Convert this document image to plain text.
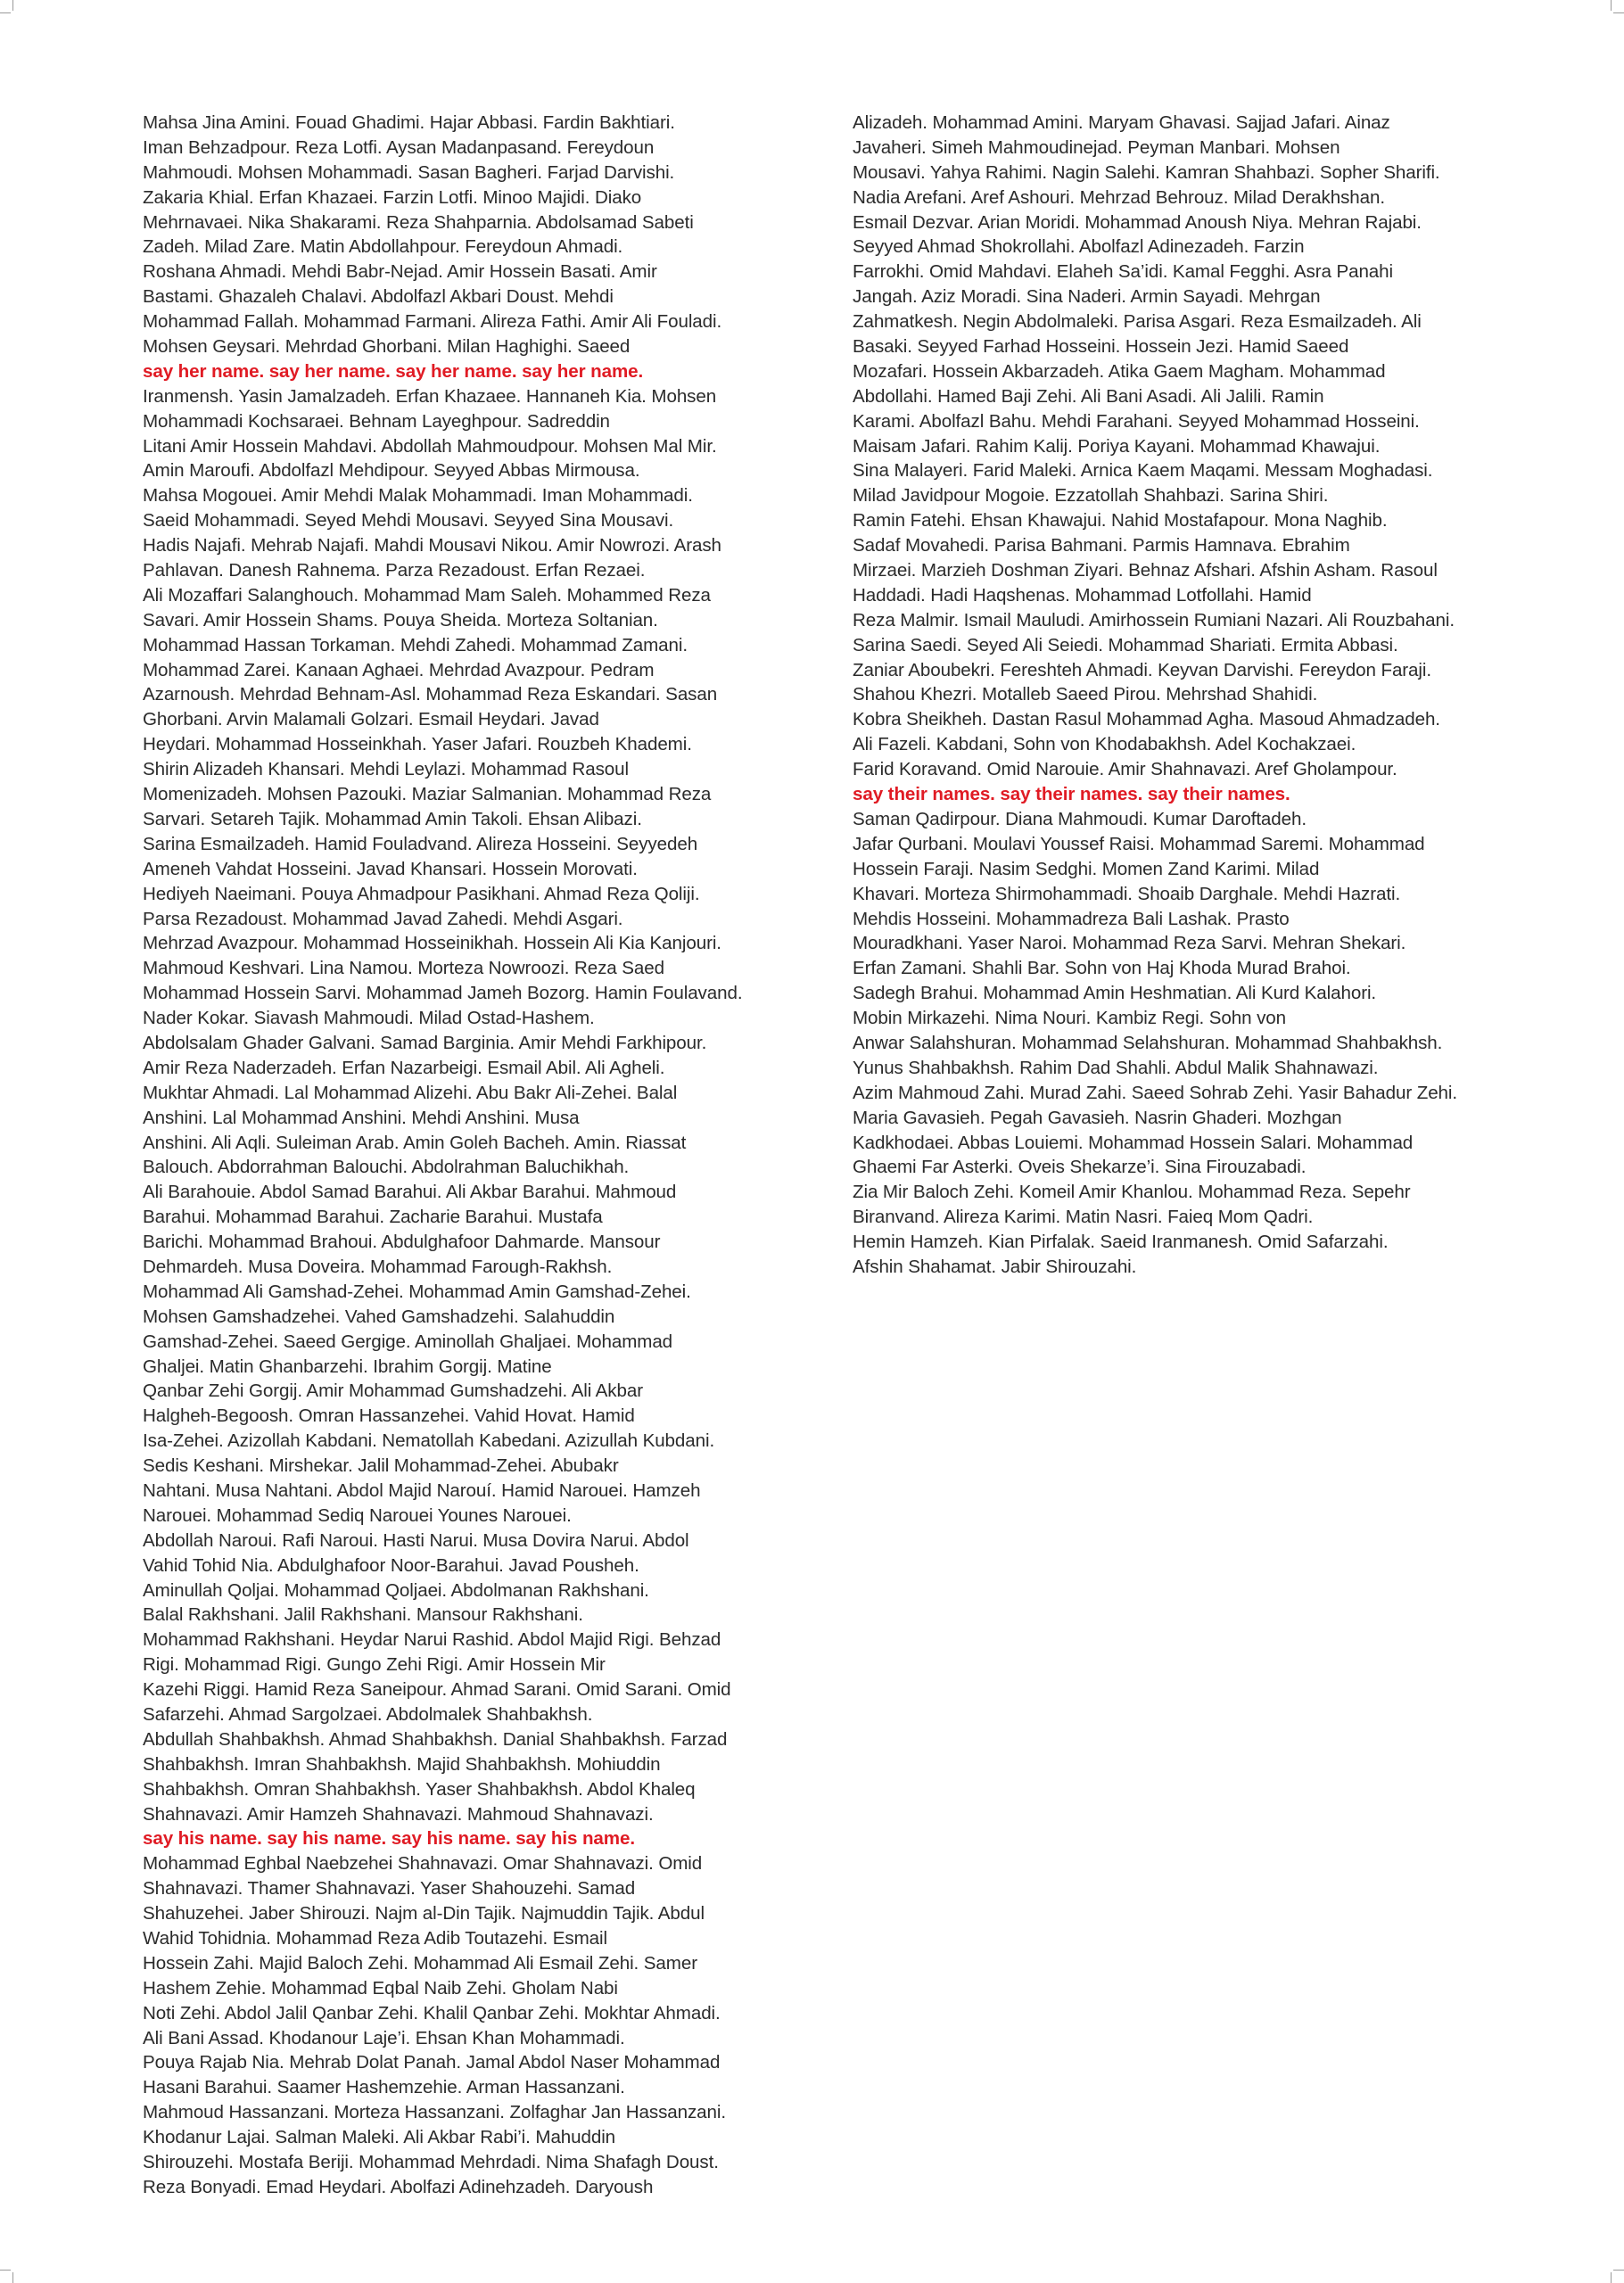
Mahsa Jina Amini. Fouad Ghadimi. Hajar Abbasi. Fardin Bakhtiari.
Iman Behzadpour. Reza Lotfi. Aysan Madanpasand. Fereydoun
Mahmoudi. Mohsen Mohammadi. Sasan Bagheri. Farjad Darvishi.
Zakaria Khial. Erfan Khazaei. Farzin Lotfi. Minoo Majidi. Diako
Mehrnavaei. Nika Shakarami. Reza Shahparnia. Abdolsamad Sabeti
Zadeh. Milad Zare. Matin Abdollahpour. Fereydoun Ahmadi.
Roshana Ahmadi. Mehdi Babr-Nejad. Amir Hossein Basati. Amir
Bastami. Ghazaleh Chalavi. Abdolfazl Akbari Doust. Mehdi
Mohammad Fallah. Mohammad Farmani. Alireza Fathi. Amir Ali Fouladi.
Mohsen Geysari. Mehrdad Ghorbani. Milan Haghighi. Saeed
say her name. say her name. say her name. say her name.
Iranmensh. Yasin Jamalzadeh. Erfan Khazaee. Hannaneh Kia. Mohsen
Mohammadi Kochsaraei. Behnam Layeghpour. Sadreddin
Litani Amir Hossein Mahdavi. Abdollah Mahmoudpour. Mohsen Mal Mir.
Amin Maroufi. Abdolfazl Mehdipour. Seyyed Abbas Mirmousa.
Mahsa Mogouei. Amir Mehdi Malak Mohammadi. Iman Mohammadi.
Saeid Mohammadi. Seyed Mehdi Mousavi. Seyyed Sina Mousavi.
Hadis Najafi. Mehrab Najafi. Mahdi Mousavi Nikou. Amir Nowrozi. Arash
Pahlavan. Danesh Rahnema. Parza Rezadoust. Erfan Rezaei.
Ali Mozaffari Salanghouch. Mohammad Mam Saleh. Mohammed Reza
Savari. Amir Hossein Shams. Pouya Sheida. Morteza Soltanian.
Mohammad Hassan Torkaman. Mehdi Zahedi. Mohammad Zamani.
Mohammad Zarei. Kanaan Aghaei. Mehrdad Avazpour. Pedram
Azarnoush. Mehrdad Behnam-Asl. Mohammad Reza Eskandari. Sasan
Ghorbani. Arvin Malamali Golzari. Esmail Heydari. Javad
Heydari. Mohammad Hosseinkhah. Yaser Jafari. Rouzbeh Khademi.
Shirin Alizadeh Khansari. Mehdi Leylazi. Mohammad Rasoul
Momenizadeh. Mohsen Pazouki. Maziar Salmanian. Mohammad Reza
Sarvari. Setareh Tajik. Mohammad Amin Takoli. Ehsan Alibazi.
Sarina Esmailzadeh. Hamid Fouladvand. Alireza Hosseini. Seyyedeh
Ameneh Vahdat Hosseini. Javad Khansari. Hossein Morovati.
Hediyeh Naeimani. Pouya Ahmadpour Pasikhani. Ahmad Reza Qoliji.
Parsa Rezadoust. Mohammad Javad Zahedi. Mehdi Asgari.
Mehrzad Avazpour. Mohammad Hosseinikhah. Hossein Ali Kia Kanjouri.
Mahmoud Keshvari. Lina Namou. Morteza Nowroozi. Reza Saed
Mohammad Hossein Sarvi. Mohammad Jameh Bozorg. Hamin Foulavand.
Nader Kokar. Siavash Mahmoudi. Milad Ostad-Hashem.
Abdolsalam Ghader Galvani. Samad Barginia. Amir Mehdi Farkhipour.
Amir Reza Naderzadeh. Erfan Nazarbeigi. Esmail Abil. Ali Agheli.
Mukhtar Ahmadi. Lal Mohammad Alizehi. Abu Bakr Ali-Zehei. Balal
Anshini. Lal Mohammad Anshini. Mehdi Anshini. Musa
Anshini. Ali Aqli. Suleiman Arab. Amin Goleh Bacheh. Amin. Riassat
Balouch. Abdorrahman Balouchi. Abdolrahman Baluchikhah.
Ali Barahouie. Abdol Samad Barahui. Ali Akbar Barahui. Mahmoud
Barahui. Mohammad Barahui. Zacharie Barahui. Mustafa
Barichi. Mohammad Brahoui. Abdulghafoor Dahmarde. Mansour
Dehmardeh. Musa Doveira. Mohammad Farough-Rakhsh.
Mohammad Ali Gamshad-Zehei. Mohammad Amin Gamshad-Zehei.
Mohsen Gamshadzehei. Vahed Gamshadzehi. Salahuddin
Gamshad-Zehei. Saeed Gergige. Aminollah Ghaljaei. Mohammad
Ghaljei. Matin Ghanbarzehi. Ibrahim Gorgij. Matine
Qanbar Zehi Gorgij. Amir Mohammad Gumshadzehi. Ali Akbar
Halgheh-Begoosh. Omran Hassanzehei. Vahid Hovat. Hamid
Isa-Zehei. Azizollah Kabdani. Nematollah Kabedani. Azizullah Kubdani.
Sedis Keshani. Mirshekar. Jalil Mohammad-Zehei. Abubakr
Nahtani. Musa Nahtani. Abdol Majid Narouí. Hamid Narouei. Hamzeh
Narouei. Mohammad Sediq Narouei Younes Narouei.
Abdollah Naroui. Rafi Naroui. Hasti Narui. Musa Dovira Narui. Abdol
Vahid Tohid Nia. Abdulghafoor Noor-Barahui. Javad Pousheh.
Aminullah Qoljai. Mohammad Qoljaei. Abdolmanan Rakhshani.
Balal Rakhshani. Jalil Rakhshani. Mansour Rakhshani.
Mohammad Rakhshani. Heydar Narui Rashid. Abdol Majid Rigi. Behzad
Rigi. Mohammad Rigi. Gungo Zehi Rigi. Amir Hossein Mir
Kazehi Riggi. Hamid Reza Saneipour. Ahmad Sarani. Omid Sarani. Omid
Safarzehi. Ahmad Sargolzaei. Abdolmalek Shahbakhsh.
Abdullah Shahbakhsh. Ahmad Shahbakhsh. Danial Shahbakhsh. Farzad
Shahbakhsh. Imran Shahbakhsh. Majid Shahbakhsh. Mohiuddin
Shahbakhsh. Omran Shahbakhsh. Yaser Shahbakhsh. Abdol Khaleq
Shahnavazi. Amir Hamzeh Shahnavazi. Mahmoud Shahnavazi.
say his name. say his name. say his name. say his name.
Mohammad Eghbal Naebzehei Shahnavazi. Omar Shahnavazi. Omid
Shahnavazi. Thamer Shahnavazi. Yaser Shahouzehi. Samad
Shahuzehei. Jaber Shirouzi. Najm al-Din Tajik. Najmuddin Tajik. Abdul
Wahid Tohidnia. Mohammad Reza Adib Toutazehi. Esmail
Hossein Zahi. Majid Baloch Zehi. Mohammad Ali Esmail Zehi. Samer
Hashem Zehie. Mohammad Eqbal Naib Zehi. Gholam Nabi
Noti Zehi. Abdol Jalil Qanbar Zehi. Khalil Qanbar Zehi. Mokhtar Ahmadi.
Ali Bani Assad. Khodanour Laje’i. Ehsan Khan Mohammadi.
Pouya Rajab Nia. Mehrab Dolat Panah. Jamal Abdol Naser Mohammad
Hasani Barahui. Saamer Hashemzehie. Arman Hassanzani.
Mahmoud Hassanzani. Morteza Hassanzani. Zolfaghar Jan Hassanzani.
Khodanur Lajai. Salman Maleki. Ali Akbar Rabi’i. Mahuddin
Shirouzehi. Mostafa Beriji. Mohammad Mehrdadi. Nima Shafagh Doust.
Reza Bonyadi. Emad Heydari. Abolfazi Adinehzadeh. Daryoush
Alizadeh. Mohammad Amini. Maryam Ghavasi. Sajjad Jafari. Ainaz
Javaheri. Simeh Mahmoudinejad. Peyman Manbari. Mohsen
Mousavi. Yahya Rahimi. Nagin Salehi. Kamran Shahbazi. Sopher Sharifi.
Nadia Arefani. Aref Ashouri. Mehrzad Behrouz. Milad Derakhshan.
Esmail Dezvar. Arian Moridi. Mohammad Anoush Niya. Mehran Rajabi.
Seyyed Ahmad Shokrollahi. Abolfazl Adinezadeh. Farzin
Farrokhi. Omid Mahdavi. Elaheh Sa’idi. Kamal Fegghi. Asra Panahi
Jangah. Aziz Moradi. Sina Naderi. Armin Sayadi. Mehrgan
Zahmatkesh. Negin Abdolmaleki. Parisa Asgari. Reza Esmailzadeh. Ali
Basaki. Seyyed Farhad Hosseini. Hossein Jezi. Hamid Saeed
Mozafari. Hossein Akbarzadeh. Atika Gaem Magham. Mohammad
Abdollahi. Hamed Baji Zehi. Ali Bani Asadi. Ali Jalili. Ramin
Karami. Abolfazl Bahu. Mehdi Farahani. Seyyed Mohammad Hosseini.
Maisam Jafari. Rahim Kalij. Poriya Kayani. Mohammad Khawajui.
Sina Malayeri. Farid Maleki. Arnica Kaem Maqami. Messam Moghadasi.
Milad Javidpour Mogoie. Ezzatollah Shahbazi. Sarina Shiri.
Ramin Fatehi. Ehsan Khawajui. Nahid Mostafapour. Mona Naghib.
Sadaf Movahedi. Parisa Bahmani. Parmis Hamnava. Ebrahim
Mirzaei. Marzieh Doshman Ziyari. Behnaz Afshari. Afshin Asham. Rasoul
Haddadi. Hadi Haqshenas. Mohammad Lotfollahi. Hamid
Reza Malmir. Ismail Mauludi. Amirhossein Rumiani Nazari. Ali Rouzbahani.
Sarina Saedi. Seyed Ali Seiedi. Mohammad Shariati. Ermita Abbasi.
Zaniar Aboubekri. Fereshteh Ahmadi. Keyvan Darvishi. Fereydon Faraji.
Shahou Khezri. Motalleb Saeed Pirou. Mehrshad Shahidi.
Kobra Sheikheh. Dastan Rasul Mohammad Agha. Masoud Ahmadzadeh.
Ali Fazeli. Kabdani, Sohn von Khodabakhsh. Adel Kochakzaei.
Farid Koravand. Omid Narouie. Amir Shahnavazi. Aref Gholampour.
say their names. say their names. say their names.
Saman Qadirpour. Diana Mahmoudi. Kumar Daroftadeh.
Jafar Qurbani. Moulavi Youssef Raisi. Mohammad Saremi. Mohammad
Hossein Faraji. Nasim Sedghi. Momen Zand Karimi. Milad
Khavari. Morteza Shirmohammadi. Shoaib Darghale. Mehdi Hazrati.
Mehdis Hosseini. Mohammadreza Bali Lashak. Prasto
Mouradkhani. Yaser Naroi. Mohammad Reza Sarvi. Mehran Shekari.
Erfan Zamani. Shahli Bar. Sohn von Haj Khoda Murad Brahoi.
Sadegh Brahui. Mohammad Amin Heshmatian. Ali Kurd Kalahori.
Mobin Mirkazehi. Nima Nouri. Kambiz Regi. Sohn von
Anwar Salahshuran. Mohammad Selahshuran. Mohammad Shahbakhsh.
Yunus Shahbakhsh. Rahim Dad Shahli. Abdul Malik Shahnawazi.
Azim Mahmoud Zahi. Murad Zahi. Saeed Sohrab Zehi. Yasir Bahadur Zehi.
Maria Gavasieh. Pegah Gavasieh. Nasrin Ghaderi. Mozhgan
Kadkhodaei. Abbas Louiemi. Mohammad Hossein Salari. Mohammad
Ghaemi Far Asterki. Oveis Shekarze’i. Sina Firouzabadi.
Zia Mir Baloch Zehi. Komeil Amir Khanlou. Mohammad Reza. Sepehr
Biranvand. Alireza Karimi. Matin Nasri. Faieq Mom Qadri.
Hemin Hamzeh. Kian Pirfalak. Saeid Iranmanesh. Omid Safarzahi.
Afshin Shahamat. Jabir Shirouzahi.
